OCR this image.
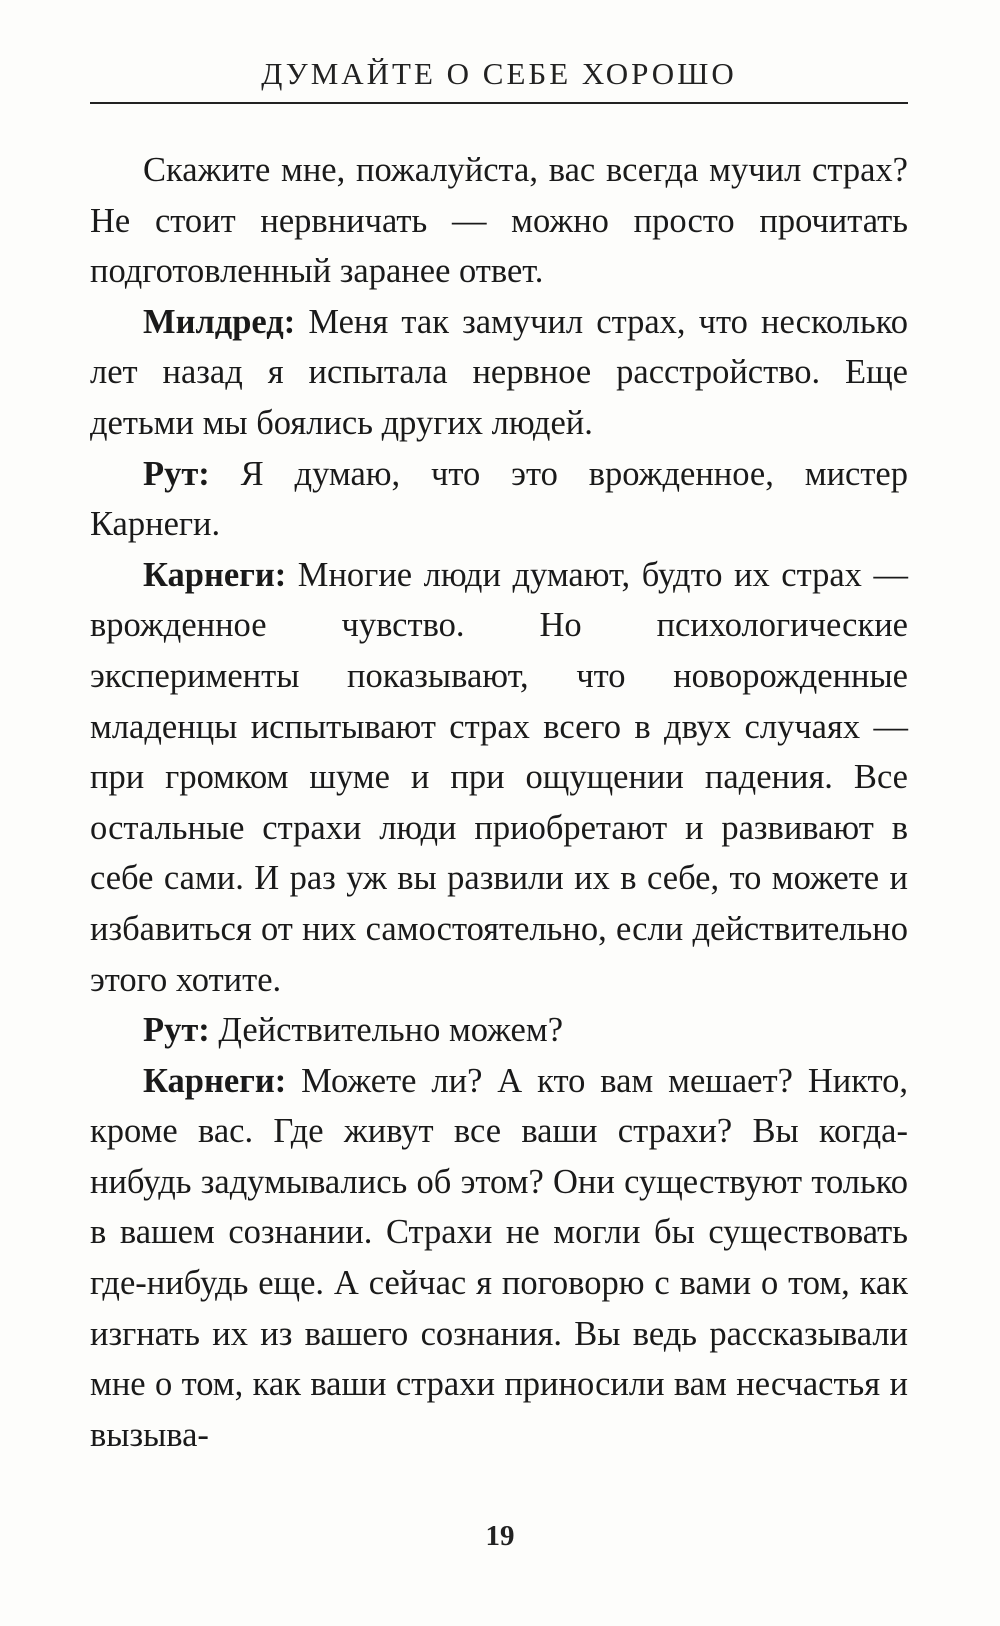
ДУМАЙТЕ О СЕБЕ ХОРОШО

Скажите мне, пожалуйста, вас всегда мучил страх? Не стоит нервничать — можно просто прочитать подготовленный заранее ответ.

Милдред: Меня так замучил страх, что несколько лет назад я испытала нервное расстройство. Еще детьми мы боялись других людей.

Рут: Я думаю, что это врожденное, мистер Карнеги.

Карнеги: Многие люди думают, будто их страх — врожденное чувство. Но психологические эксперименты показывают, что новорожденные младенцы испытывают страх всего в двух случаях — при громком шуме и при ощущении падения. Все остальные страхи люди приобретают и развивают в себе сами. И раз уж вы развили их в себе, то можете и избавиться от них самостоятельно, если действительно этого хотите.

Рут: Действительно можем?

Карнеги: Можете ли? А кто вам мешает? Никто, кроме вас. Где живут все ваши страхи? Вы когда-нибудь задумывались об этом? Они существуют только в вашем сознании. Страхи не могли бы существовать где-нибудь еще. А сейчас я поговорю с вами о том, как изгнать их из вашего сознания. Вы ведь рассказывали мне о том, как ваши страхи приносили вам несчастья и вызыва-

19
